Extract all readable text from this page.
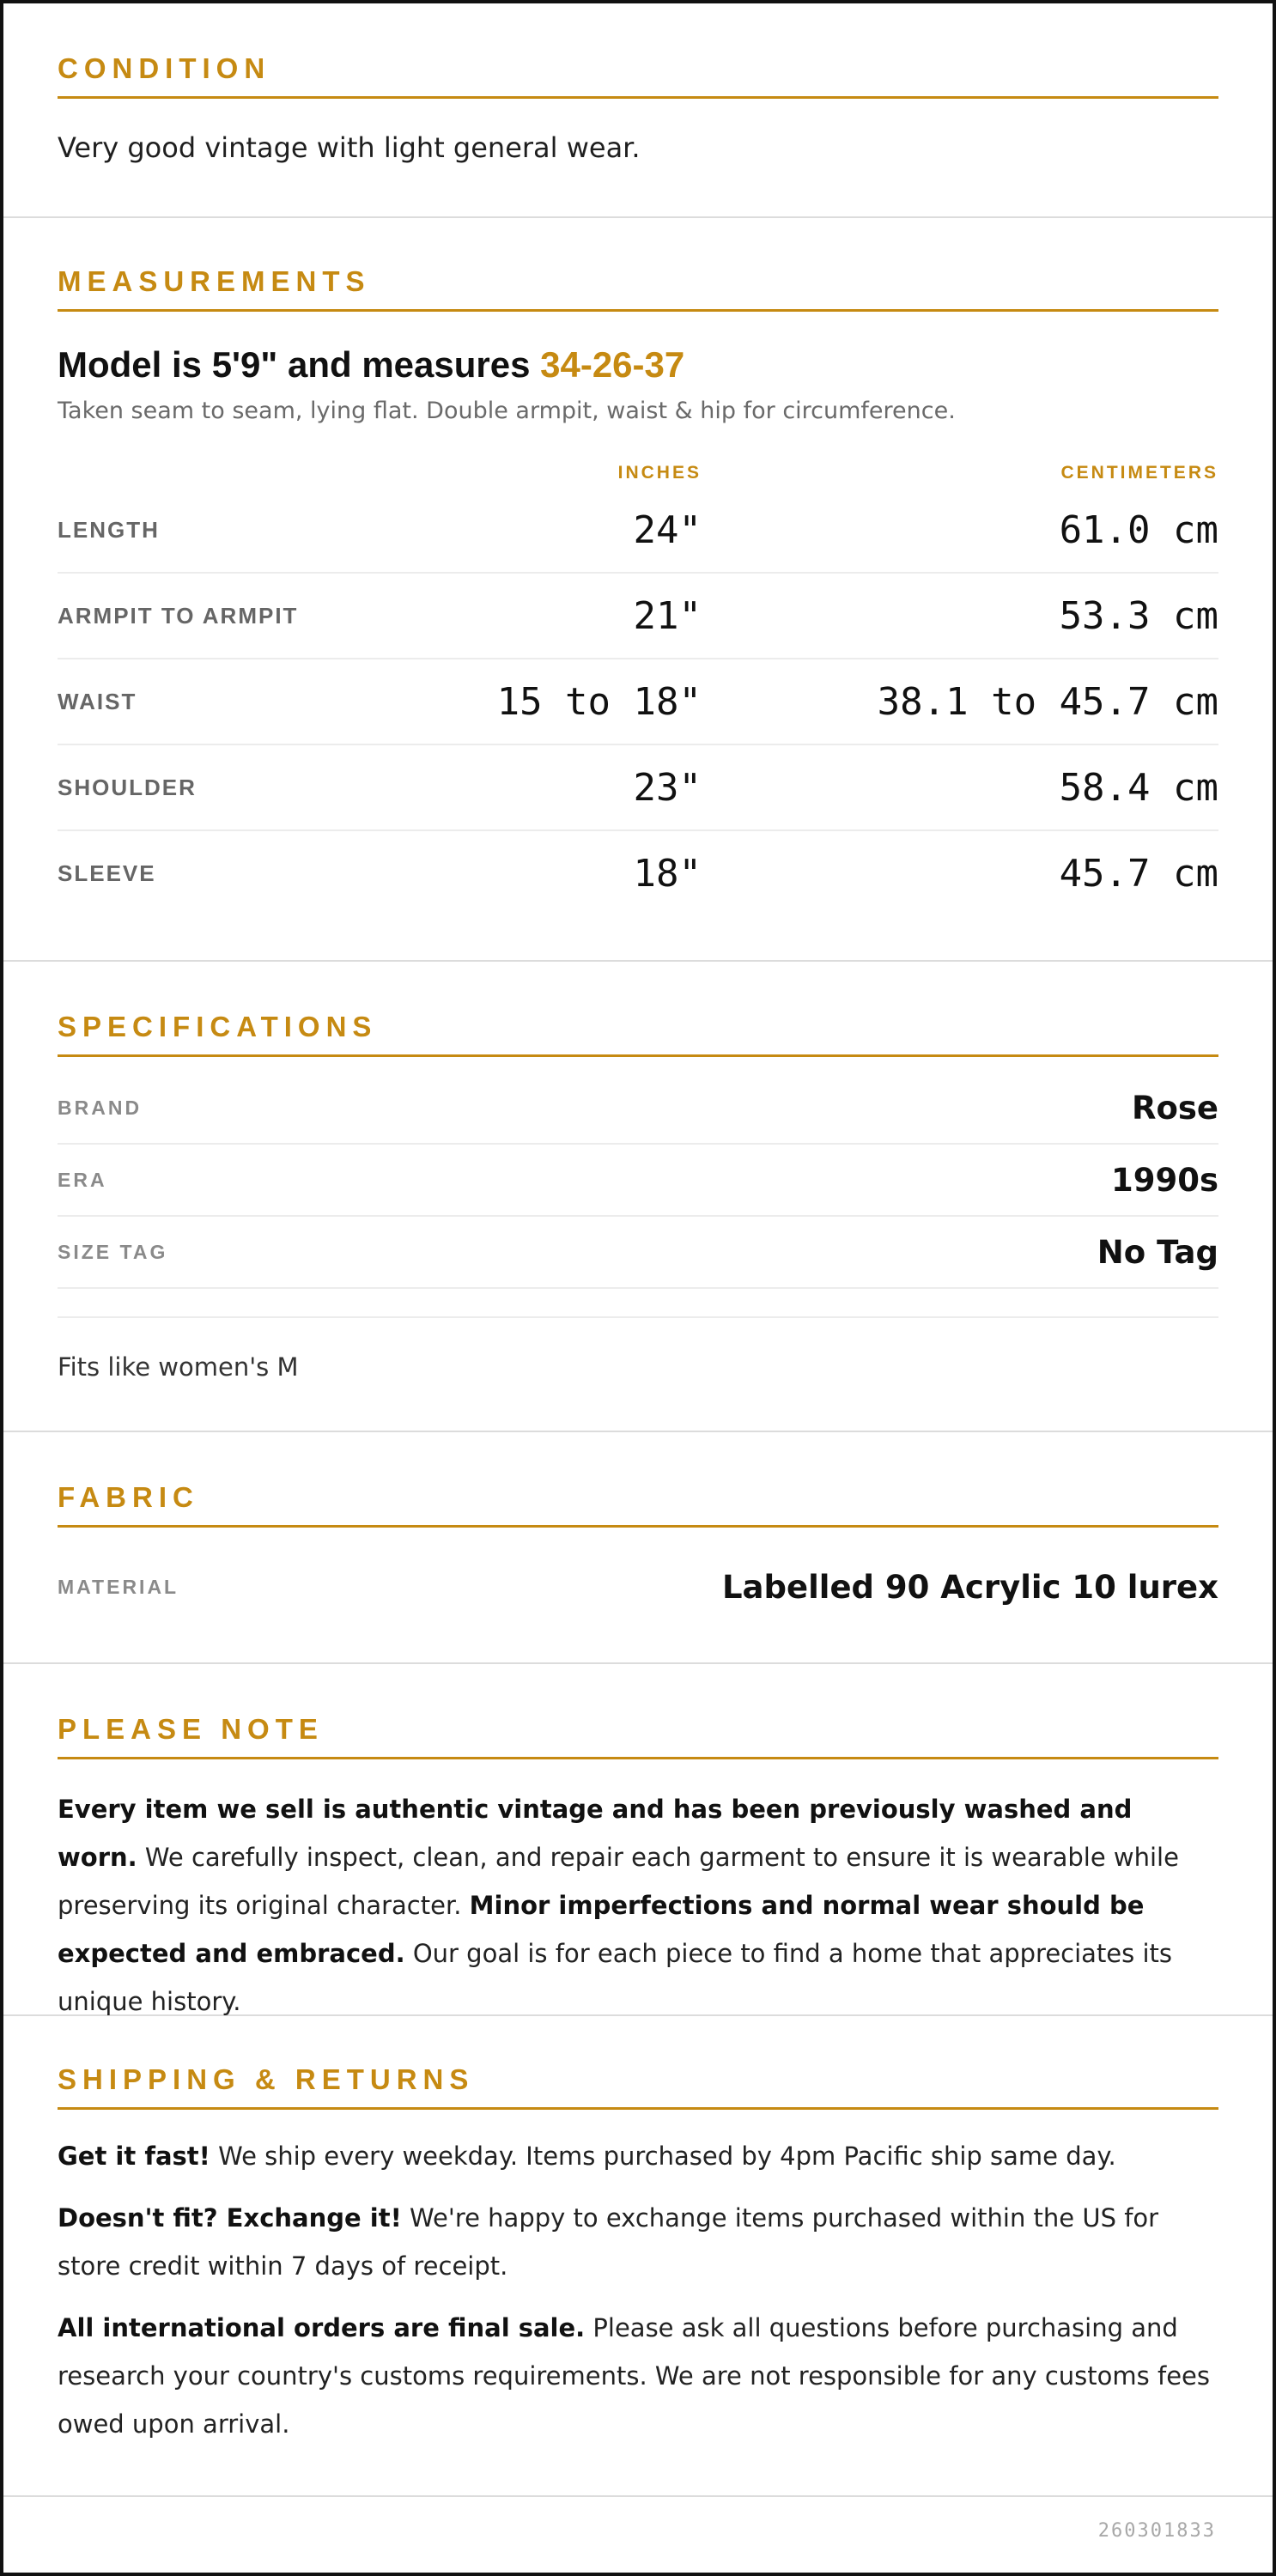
CONDITION
Very good vintage with light general wear.
MEASUREMENTS
Model is 5'9" and measures 34-26-37
Taken seam to seam, lying flat. Double armpit, waist & hip for circumference.
INCHES	CENTIMETERS
LENGTH	24"	61.0 cm
ARMPIT TO ARMPIT	21"	53.3 cm
WAIST	15 to 18"	38.1 to 45.7 cm
SHOULDER	23"	58.4 cm
SLEEVE	18"	45.7 cm
SPECIFICATIONS
BRAND	Rose
ERA	1990s
SIZE TAG	No Tag
Fits like women's M
FABRIC
MATERIAL	Labelled 90 Acrylic 10 lurex
PLEASE NOTE

Every item we sell is authentic vintage and has been previously washed and worn. We carefully inspect, clean, and repair each garment to ensure it is wearable while preserving its original character. Minor imperfections and normal wear should be expected and embraced. Our goal is for each piece to find a home that appreciates its unique history.

SHIPPING & RETURNS

Get it fast! We ship every weekday. Items purchased by 4pm Pacific ship same day.

Doesn't fit? Exchange it! We're happy to exchange items purchased within the US for store credit within 7 days of receipt.

All international orders are final sale. Please ask all questions before purchasing and research your country's customs requirements. We are not responsible for any customs fees owed upon arrival.

260301833
